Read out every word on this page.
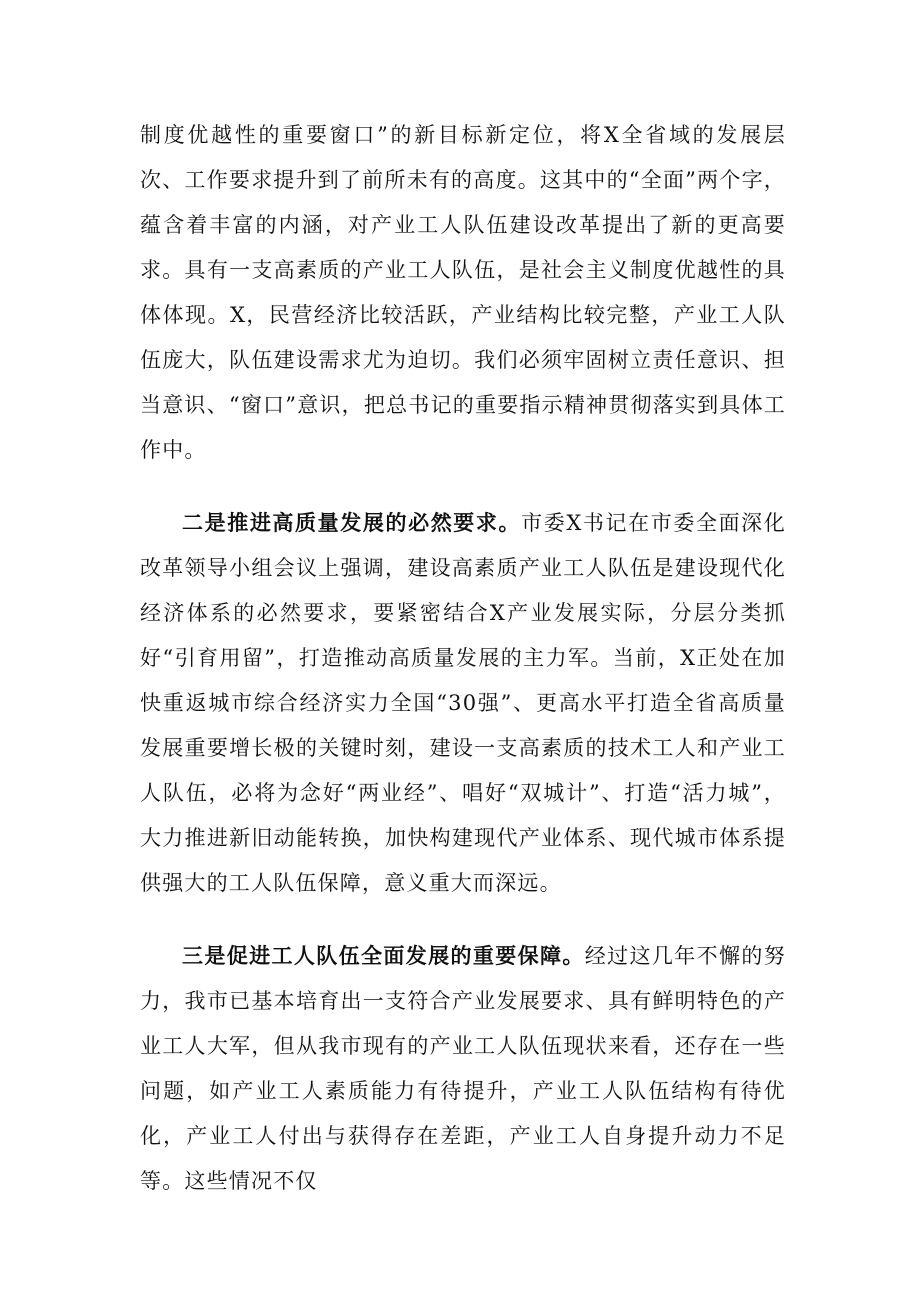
制度优越性的重要窗口”的新目标新定位，将X全省域的发展层次、工作要求提升到了前所未有的高度。这其中的“全面”两个字，蕴含着丰富的内涵，对产业工人队伍建设改革提出了新的更高要求。具有一支高素质的产业工人队伍，是社会主义制度优越性的具体体现。X，民营经济比较活跃，产业结构比较完整，产业工人队伍庞大，队伍建设需求尤为迫切。我们必须牢固树立责任意识、担当意识、“窗口”意识，把总书记的重要指示精神贯彻落实到具体工作中。

二是推进高质量发展的必然要求。市委X书记在市委全面深化改革领导小组会议上强调，建设高素质产业工人队伍是建设现代化经济体系的必然要求，要紧密结合X产业发展实际，分层分类抓好“引育用留”，打造推动高质量发展的主力军。当前，X正处在加快重返城市综合经济实力全国“30强”、更高水平打造全省高质量发展重要增长极的关键时刻，建设一支高素质的技术工人和产业工人队伍，必将为念好“两业经”、唱好“双城计”、打造“活力城”，大力推进新旧动能转换，加快构建现代产业体系、现代城市体系提供强大的工人队伍保障，意义重大而深远。

三是促进工人队伍全面发展的重要保障。经过这几年不懈的努力，我市已基本培育出一支符合产业发展要求、具有鲜明特色的产业工人大军，但从我市现有的产业工人队伍现状来看，还存在一些问题，如产业工人素质能力有待提升，产业工人队伍结构有待优化，产业工人付出与获得存在差距，产业工人自身提升动力不足等。这些情况不仅
